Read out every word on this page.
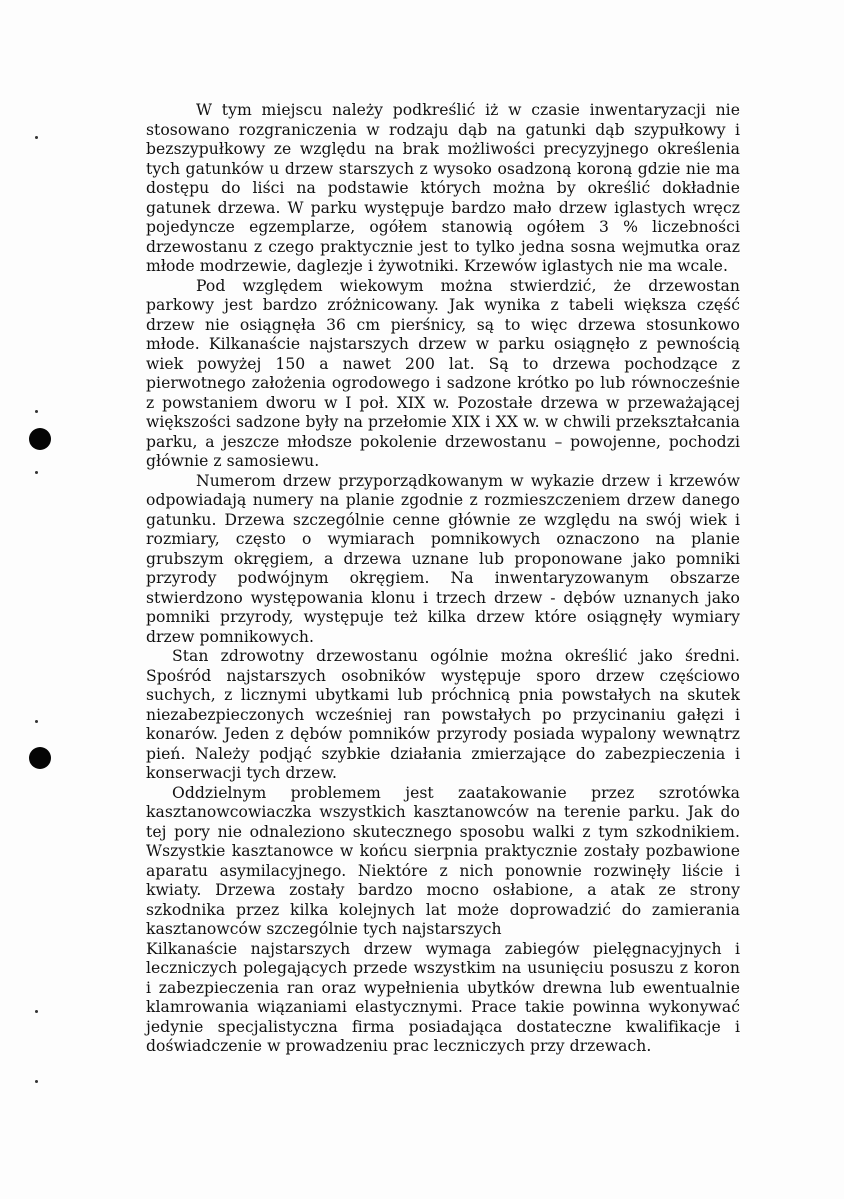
W tym miejscu należy podkreślić iż w czasie inwentaryzacji nie stosowano rozgraniczenia w rodzaju dąb na gatunki dąb szypułkowy i bezszypułkowy ze względu na brak możliwości precyzyjnego określenia tych gatunków u drzew starszych z wysoko osadzoną koroną gdzie nie ma dostępu do liści na podstawie których można by określić dokładnie gatunek drzewa. W parku występuje bardzo mało drzew iglastych wręcz pojedyncze egzemplarze, ogółem stanowią ogółem 3 % liczebności drzewostanu z czego praktycznie jest to tylko jedna sosna wejmutka oraz młode modrzewie, daglezje i żywotniki. Krzewów iglastych nie ma wcale.

Pod względem wiekowym można stwierdzić, że drzewostan parkowy jest bardzo zróżnicowany. Jak wynika z tabeli większa część drzew nie osiągnęła 36 cm pierśnicy, są to więc drzewa stosunkowo młode. Kilkanaście najstarszych drzew w parku osiągnęło z pewnością wiek powyżej 150 a nawet 200 lat. Są to drzewa pochodzące z pierwotnego założenia ogrodowego i sadzone krótko po lub równocześnie z powstaniem dworu w I poł. XIX w. Pozostałe drzewa w przeważającej większości sadzone były na przełomie XIX i XX w. w chwili przekształcania parku, a jeszcze młodsze pokolenie drzewostanu – powojenne, pochodzi głównie z samosiewu.

Numerom drzew przyporządkowanym w wykazie drzew i krzewów odpowiadają numery na planie zgodnie z rozmieszczeniem drzew danego gatunku. Drzewa szczególnie cenne głównie ze względu na swój wiek i rozmiary, często o wymiarach pomnikowych oznaczono na planie grubszym okręgiem, a drzewa uznane lub proponowane jako pomniki przyrody podwójnym okręgiem. Na inwentaryzowanym obszarze stwierdzono występowania klonu i trzech drzew - dębów uznanych jako pomniki przyrody, występuje też kilka drzew które osiągnęły wymiary drzew pomnikowych.

Stan zdrowotny drzewostanu ogólnie można określić jako średni. Spośród najstarszych osobników występuje sporo drzew częściowo suchych, z licznymi ubytkami lub próchnicą pnia powstałych na skutek niezabezpieczonych wcześniej ran powstałych po przycinaniu gałęzi i konarów. Jeden z dębów pomników przyrody posiada wypalony wewnątrz pień. Należy podjąć szybkie działania zmierzające do zabezpieczenia i konserwacji tych drzew.

Oddzielnym problemem jest zaatakowanie przez szrotówka kasztanowcowiaczka wszystkich kasztanowców na terenie parku. Jak do tej pory nie odnaleziono skutecznego sposobu walki z tym szkodnikiem. Wszystkie kasztanowce w końcu sierpnia praktycznie zostały pozbawione aparatu asymilacyjnego. Niektóre z nich ponownie rozwinęły liście i kwiaty. Drzewa zostały bardzo mocno osłabione, a atak ze strony szkodnika przez kilka kolejnych lat może doprowadzić do zamierania kasztanowców szczególnie tych najstarszych

Kilkanaście najstarszych drzew wymaga zabiegów pielęgnacyjnych i leczniczych polegających przede wszystkim na usunięciu posuszu z koron i zabezpieczenia ran oraz wypełnienia ubytków drewna lub ewentualnie klamrowania wiązaniami elastycznymi. Prace takie powinna wykonywać jedynie specjalistyczna firma posiadająca dostateczne kwalifikacje i doświadczenie w prowadzeniu prac leczniczych przy drzewach.
